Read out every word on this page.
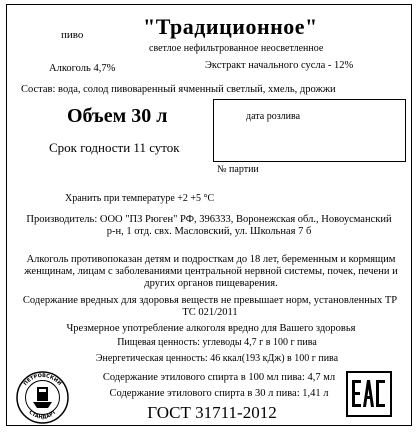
пиво	"Традиционное"
светлое нефильтрованное неосветленное
Алкоголь 4,7%	Экстракт начального сусла - 12%
Состав: вода, солод пивоваренный ячменный светлый, хмель, дрожжи
Объем 30 л
Срок годности 11 суток
дата розлива
№ партии
Хранить при температуре +2 +5 °С
Производитель: ООО "ПЗ Рюген" РФ, 396333, Воронежская обл., Новоусманский р-н, 1 отд. свх. Масловский, ул. Школьная 7 б
Алкоголь противопоказан детям и подросткам до 18 лет, беременным и кормящим женщинам, лицам с заболеваниями центральной нервной системы, почек, печени и других органов пищеварения.
Содержание вредных для здоровья веществ не превышает норм, установленных ТР ТС 021/2011
Чрезмерное употребление алкоголя вредно для Вашего здоровья
Пищевая ценность: углеводы 4,7 г в 100 г пива
Энергетическая ценность: 46 ккал(193 кДж) в 100 г пива
Содержание этилового спирта в 100 мл пива: 4,7 мл
Содержание этилового спирта в 30 л пива: 1,41 л
ГОСТ 31711-2012
ПЕТРОВСКИЙ
СТАНДАРТ
